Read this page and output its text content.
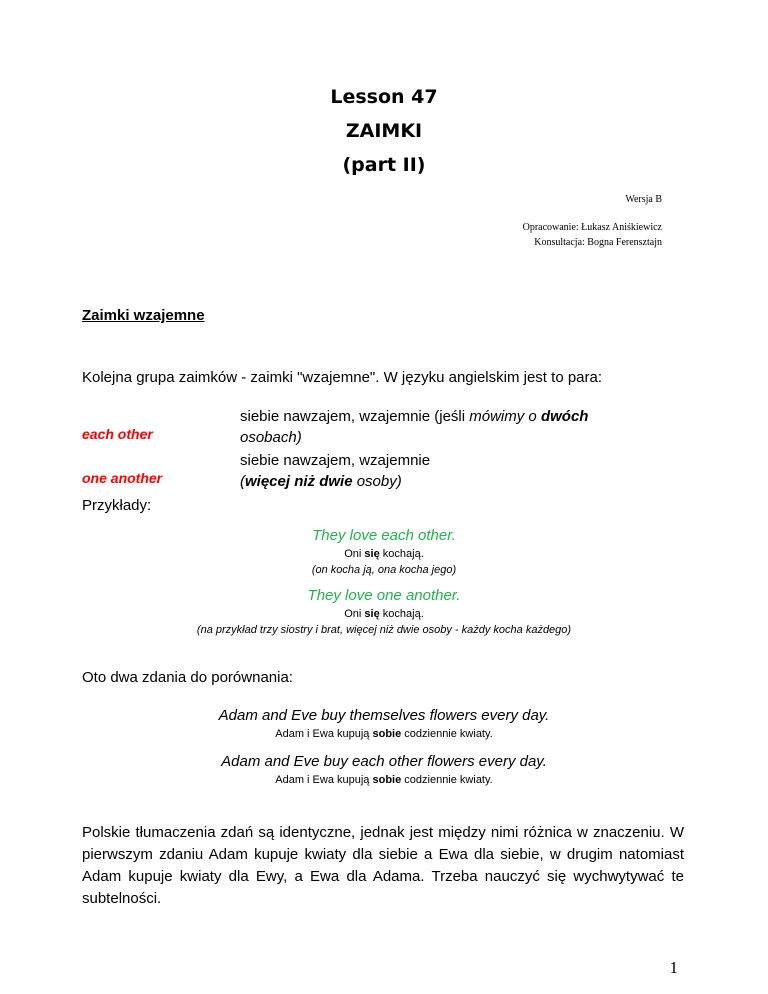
Lesson 47
ZAIMKI
(part II)
Wersja B
Opracowanie: Łukasz Aniśkiewicz
Konsultacja: Bogna Ferensztajn
Zaimki wzajemne
Kolejna grupa zaimków - zaimki "wzajemne". W języku angielskim jest to para:
each other
siebie nawzajem, wzajemnie (jeśli mówimy o dwóch
osobach)
one another
siebie nawzajem, wzajemnie
(więcej niż dwie osoby)
Przykłady:
They love each other.
Oni się kochają.
(on kocha ją, ona kocha jego)
They love one another.
Oni się kochają.
(na przykład trzy siostry i brat, więcej niż dwie osoby - każdy kocha każdego)
Oto dwa zdania do porównania:
Adam and Eve buy themselves flowers every day.
Adam i Ewa kupują sobie codziennie kwiaty.
Adam and Eve buy each other flowers every day.
Adam i Ewa kupują sobie codziennie kwiaty.
Polskie tłumaczenia zdań są identyczne, jednak jest między nimi różnica w znaczeniu. W pierwszym zdaniu Adam kupuje kwiaty dla siebie a Ewa dla siebie, w drugim natomiast Adam kupuje kwiaty dla Ewy, a Ewa dla Adama. Trzeba nauczyć się wychwytywać te subtelności.
1
